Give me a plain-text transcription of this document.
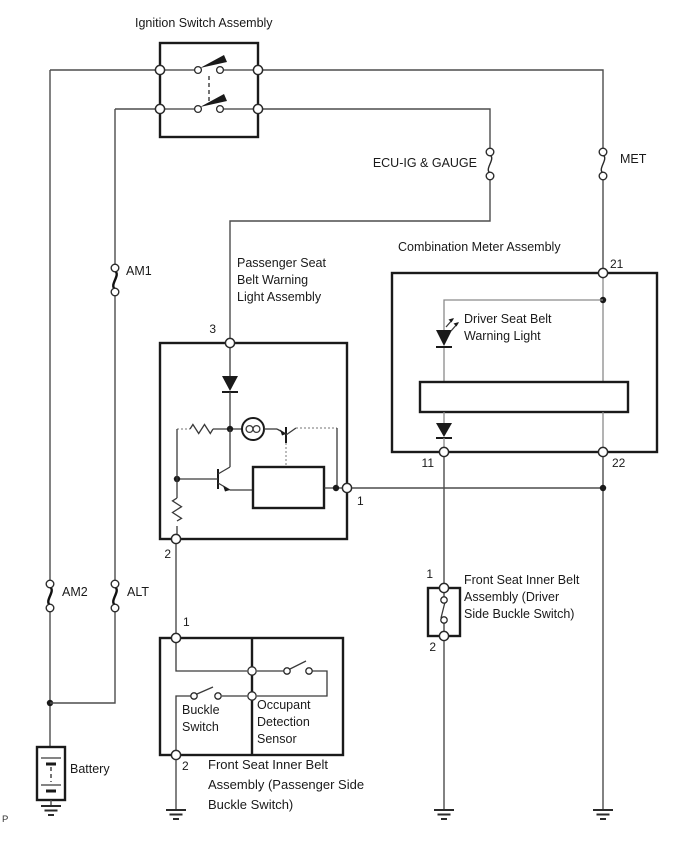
Ignition Switch Assembly
ECU-IG & GAUGE	MET
AM1
AM2	ALT
Battery
Passenger Seat
Belt Warning
Light Assembly
3
2
1
Combination Meter Assembly
21
11	22
Driver Seat Belt
Warning Light
1
2
Front Seat Inner Belt
Assembly (Driver
Side Buckle Switch)
1
2
Buckle
Switch
Occupant
Detection
Sensor
Front Seat Inner Belt
Assembly (Passenger Side
Buckle Switch)
P
